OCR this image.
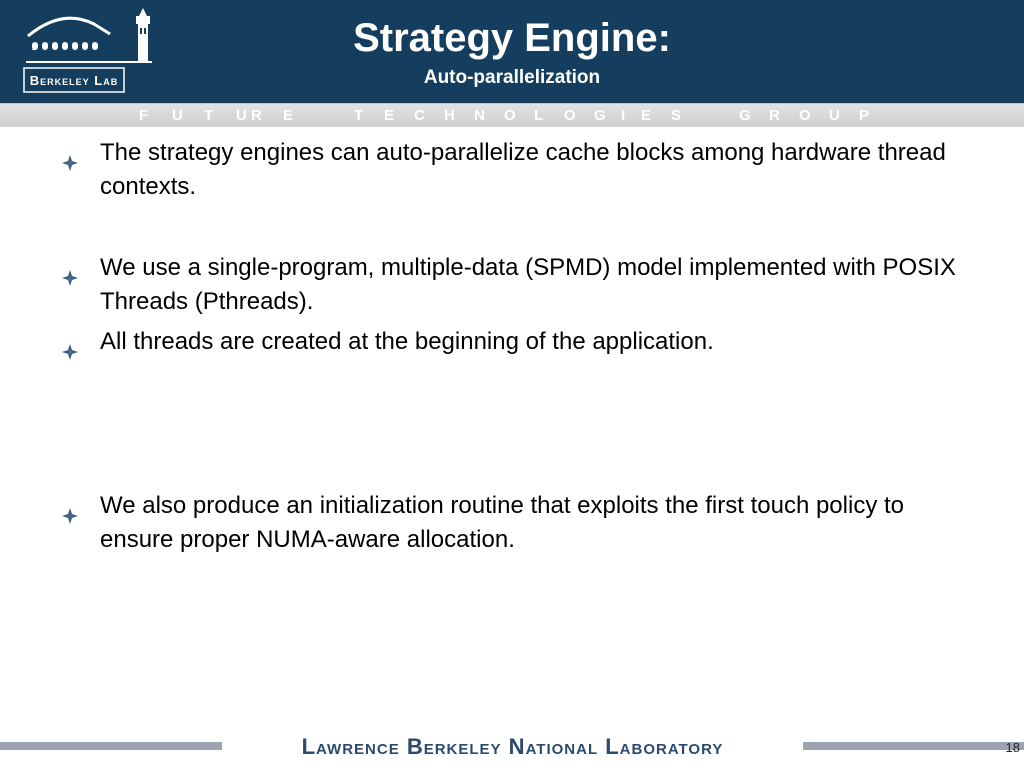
Berkeley Lab
Strategy Engine:
Auto-parallelization
F U T U R E	T E C H N O L O G I E S	G R O U P
The strategy engines can auto-parallelize cache blocks among hardware thread contexts.
We use a single-program, multiple-data (SPMD) model implemented with POSIX Threads (Pthreads).
All threads are created at the beginning of the application.
We also produce an initialization routine that exploits the first touch policy to ensure proper NUMA-aware allocation.
Lawrence Berkeley National Laboratory	18
